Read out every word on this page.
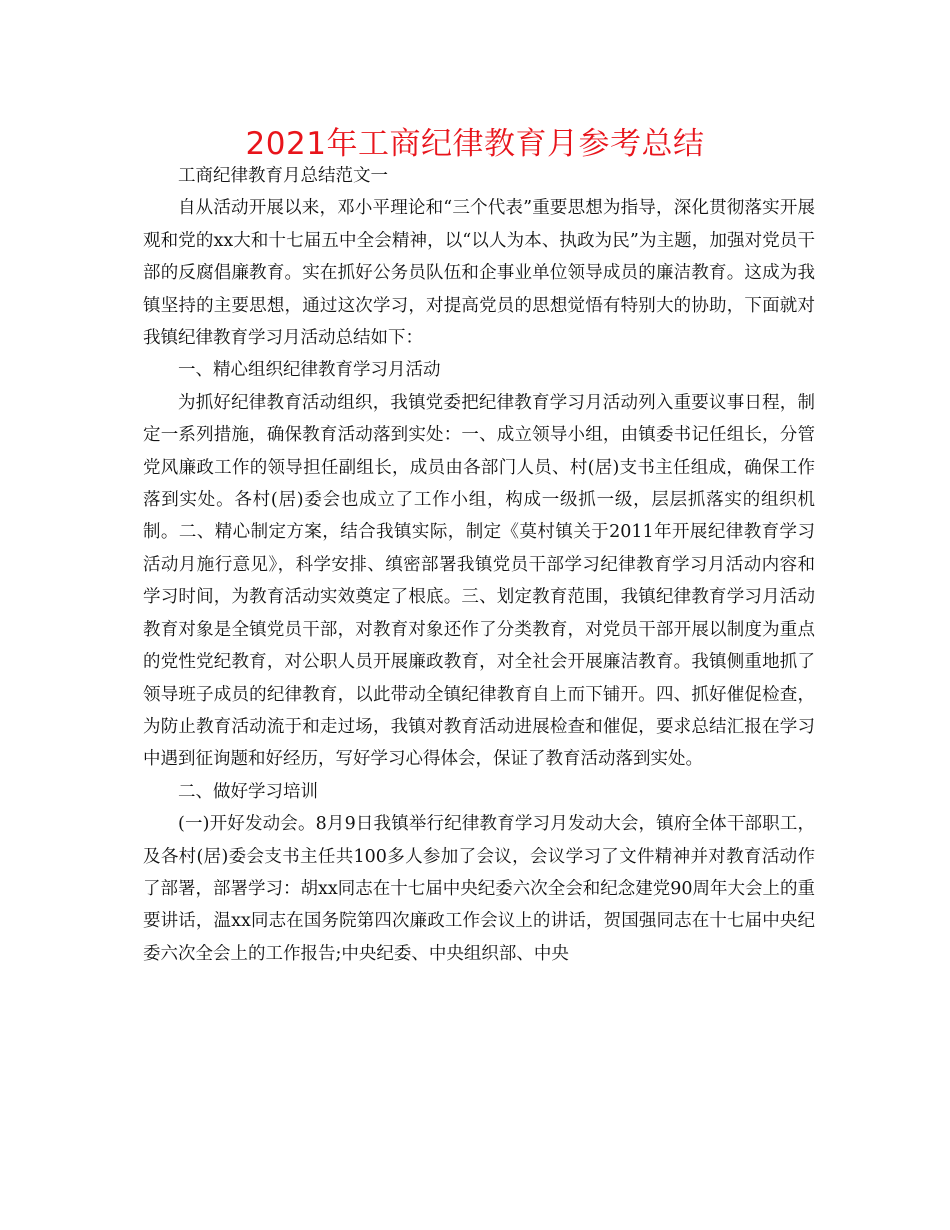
2021年工商纪律教育月参考总结

工商纪律教育月总结范文一

自从活动开展以来，邓小平理论和“三个代表”重要思想为指导，深化贯彻落实开展观和党的xx大和十七届五中全会精神，以“以人为本、执政为民”为主题，加强对党员干部的反腐倡廉教育。实在抓好公务员队伍和企事业单位领导成员的廉洁教育。这成为我镇坚持的主要思想，通过这次学习，对提高党员的思想觉悟有特别大的协助，下面就对我镇纪律教育学习月活动总结如下：

一、精心组织纪律教育学习月活动

为抓好纪律教育活动组织，我镇党委把纪律教育学习月活动列入重要议事日程，制定一系列措施，确保教育活动落到实处：一、成立领导小组，由镇委书记任组长，分管党风廉政工作的领导担任副组长，成员由各部门人员、村(居)支书主任组成，确保工作落到实处。各村(居)委会也成立了工作小组，构成一级抓一级，层层抓落实的组织机制。二、精心制定方案，结合我镇实际，制定《莫村镇关于2011年开展纪律教育学习活动月施行意见》，科学安排、缜密部署我镇党员干部学习纪律教育学习月活动内容和学习时间，为教育活动实效奠定了根底。三、划定教育范围，我镇纪律教育学习月活动教育对象是全镇党员干部，对教育对象还作了分类教育，对党员干部开展以制度为重点的党性党纪教育，对公职人员开展廉政教育，对全社会开展廉洁教育。我镇侧重地抓了领导班子成员的纪律教育，以此带动全镇纪律教育自上而下铺开。四、抓好催促检查，为防止教育活动流于和走过场，我镇对教育活动进展检查和催促，要求总结汇报在学习中遇到征询题和好经历，写好学习心得体会，保证了教育活动落到实处。

二、做好学习培训

(一)开好发动会。8月9日我镇举行纪律教育学习月发动大会，镇府全体干部职工，及各村(居)委会支书主任共100多人参加了会议，会议学习了文件精神并对教育活动作了部署，部署学习：胡xx同志在十七届中央纪委六次全会和纪念建党90周年大会上的重要讲话，温xx同志在国务院第四次廉政工作会议上的讲话，贺国强同志在十七届中央纪委六次全会上的工作报告;中央纪委、中央组织部、中央
